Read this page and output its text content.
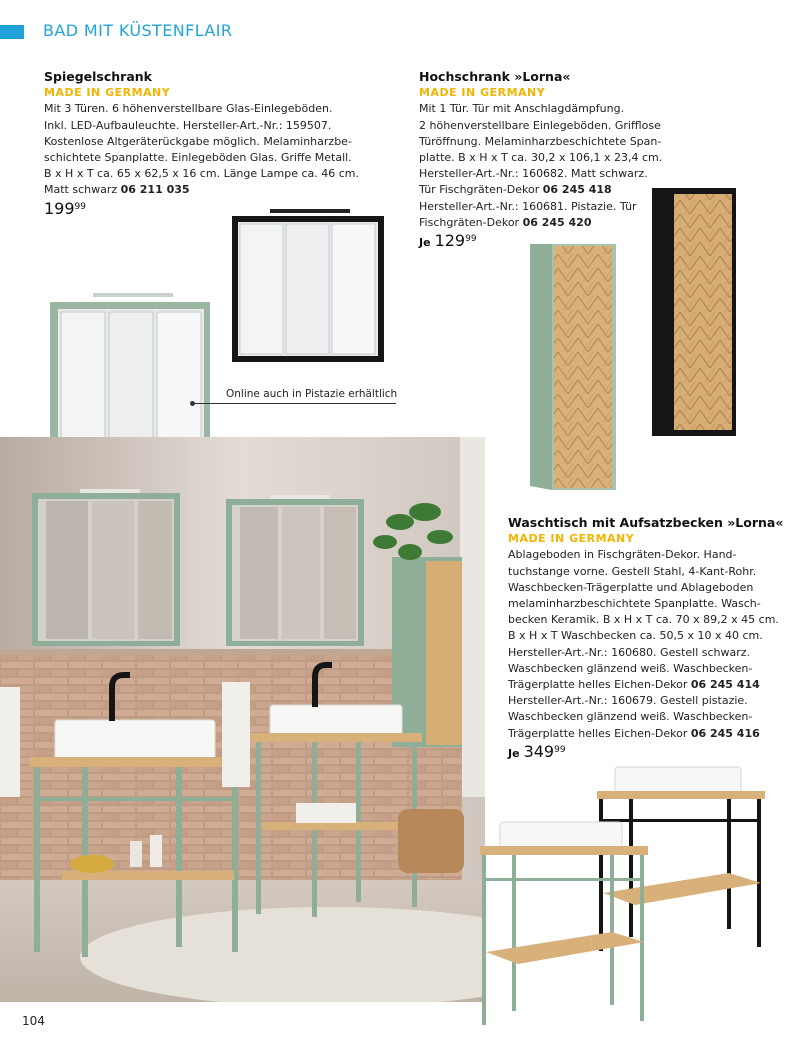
BAD MIT KÜSTENFLAIR
Spiegelschrank
MADE IN GERMANY
Mit 3 Türen. 6 höhenverstellbare Glas-Einlegeböden.
Inkl. LED-Aufbauleuchte. Hersteller-Art.-Nr.: 159507.
Kostenlose Altgeräterückgabe möglich. Melaminharzbe-
schichtete Spanplatte. Einlegeböden Glas. Griffe Metall.
B x H x T ca. 65 x 62,5 x 16 cm. Länge Lampe ca. 46 cm.
Matt schwarz 06 211 035
$199^{99}$
Hochschrank »Lorna«
MADE IN GERMANY
Mit 1 Tür. Tür mit Anschlagdämpfung.
2 höhenverstellbare Einlegeböden. Grifflose
Türöffnung. Melaminharzbeschichtete Span-
platte. B x H x T ca. 30,2 x 106,1 x 23,4 cm.
Hersteller-Art.-Nr.: 160682. Matt schwarz.
Tür Fischgräten-Dekor 06 245 418
Hersteller-Art.-Nr.: 160681. Pistazie. Tür
Fischgräten-Dekor 06 245 420
Je $129^{99}$
Online auch in Pistazie erhältlich
Waschtisch mit Aufsatzbecken »Lorna«
MADE IN GERMANY
Ablageboden in Fischgräten-Dekor. Hand-
tuchstange vorne. Gestell Stahl, 4-Kant-Rohr.
Waschbecken-Trägerplatte und Ablageboden
melaminharzbeschichtete Spanplatte. Wasch-
becken Keramik. B x H x T ca. 70 x 89,2 x 45 cm.
B x H x T Waschbecken ca. 50,5 x 10 x 40 cm.
Hersteller-Art.-Nr.: 160680. Gestell schwarz.
Waschbecken glänzend weiß. Waschbecken-
Trägerplatte helles Eichen-Dekor 06 245 414
Hersteller-Art.-Nr.: 160679. Gestell pistazie.
Waschbecken glänzend weiß. Waschbecken-
Trägerplatte helles Eichen-Dekor 06 245 416
Je $349^{99}$
104
